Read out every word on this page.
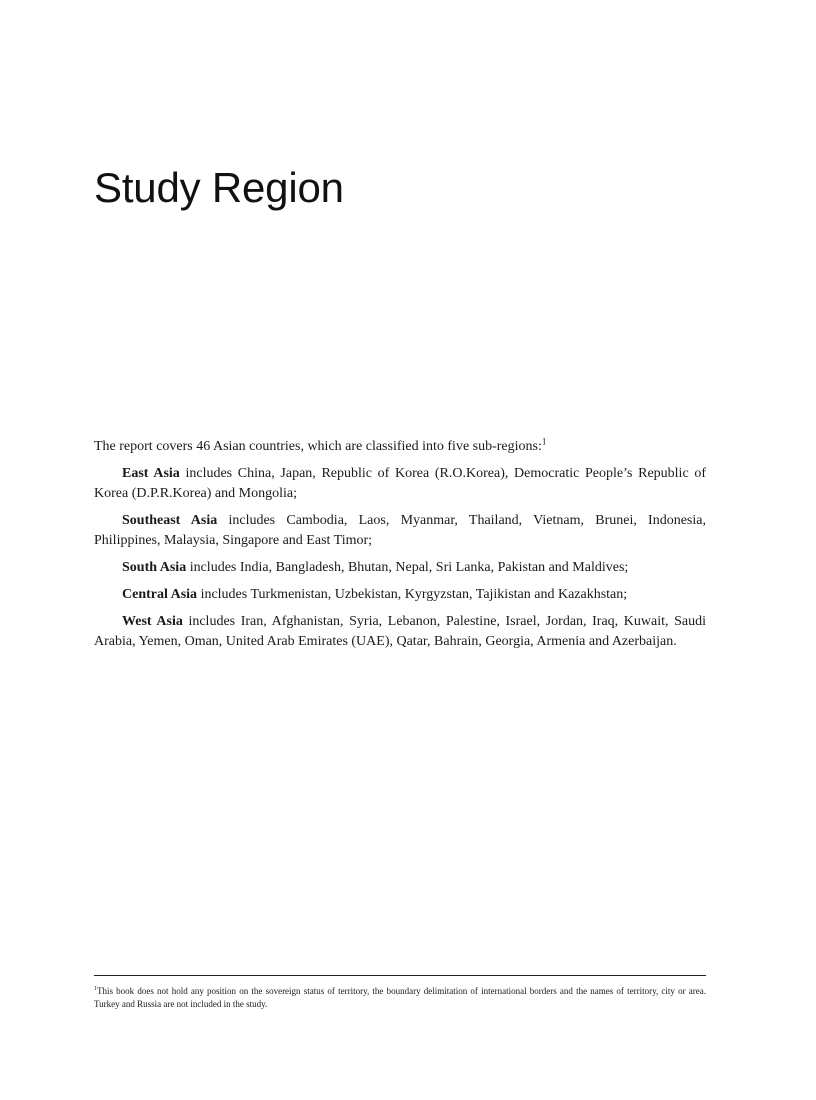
Study Region

The report covers 46 Asian countries, which are classified into five sub-regions:$^1$

East Asia includes China, Japan, Republic of Korea (R.O.Korea), Democratic People’s Republic of Korea (D.P.R.Korea) and Mongolia;

Southeast Asia includes Cambodia, Laos, Myanmar, Thailand, Vietnam, Brunei, Indonesia, Philippines, Malaysia, Singapore and East Timor;

South Asia includes India, Bangladesh, Bhutan, Nepal, Sri Lanka, Pakistan and Maldives;

Central Asia includes Turkmenistan, Uzbekistan, Kyrgyzstan, Tajikistan and Kazakhstan;

West Asia includes Iran, Afghanistan, Syria, Lebanon, Palestine, Israel, Jordan, Iraq, Kuwait, Saudi Arabia, Yemen, Oman, United Arab Emirates (UAE), Qatar, Bahrain, Georgia, Armenia and Azerbaijan.

$^1$This book does not hold any position on the sovereign status of territory, the boundary delimitation of international borders and the names of territory, city or area. Turkey and Russia are not included in the study.
